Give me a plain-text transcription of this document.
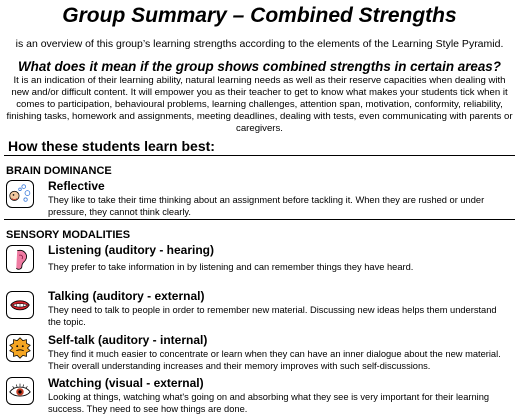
Group Summary – Combined Strengths
is an overview of this group’s learning strengths according to the elements of the Learning Style Pyramid.
What does it mean if the group shows combined strengths in certain areas?
It is an indication of their learning ability, natural learning needs as well as their reserve capacities when dealing with new and/or difficult content. It will empower you as their teacher to get to know what makes your students tick when it comes to participation, behavioural problems, learning challenges, attention span, motivation, conformity, reliability, finishing tasks, homework and assignments, meeting deadlines, dealing with tests, even communicating with parents or caregivers.
How these students learn best:
BRAIN DOMINANCE
Reflective
They like to take their time thinking about an assignment before tackling it. When they are rushed or under pressure, they cannot think clearly.
SENSORY MODALITIES
Listening (auditory - hearing)
They prefer to take information in by listening and can remember things they have heard.
Talking (auditory - external)
They need to talk to people in order to remember new material. Discussing new ideas helps them understand the topic.
Self-talk (auditory - internal)
They find it much easier to concentrate or learn when they can have an inner dialogue about the new material. Their overall understanding increases and their memory improves with such self-discussions.
Watching (visual - external)
Looking at things, watching what's going on and absorbing what they see is very important for their learning success. They need to see how things are done.
